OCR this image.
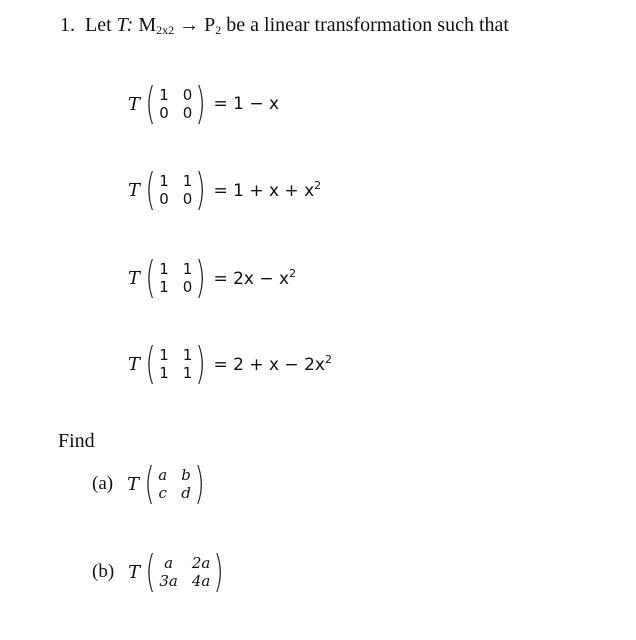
1. Let T: $M_{2x2} \to P_2$ be a linear transformation such that
T ( 1 0
0 0 ) = 1 − x
T ( 1 1
0 0 ) = $1 + x + x^2$
T ( 1 1
1 0 ) = $2x - x^2$
T ( 1 1
1 1 ) = $2 + x - 2x^2$
Find
(a) T ( a b
c d )
(b) T ( a	2a
3a 4a )
